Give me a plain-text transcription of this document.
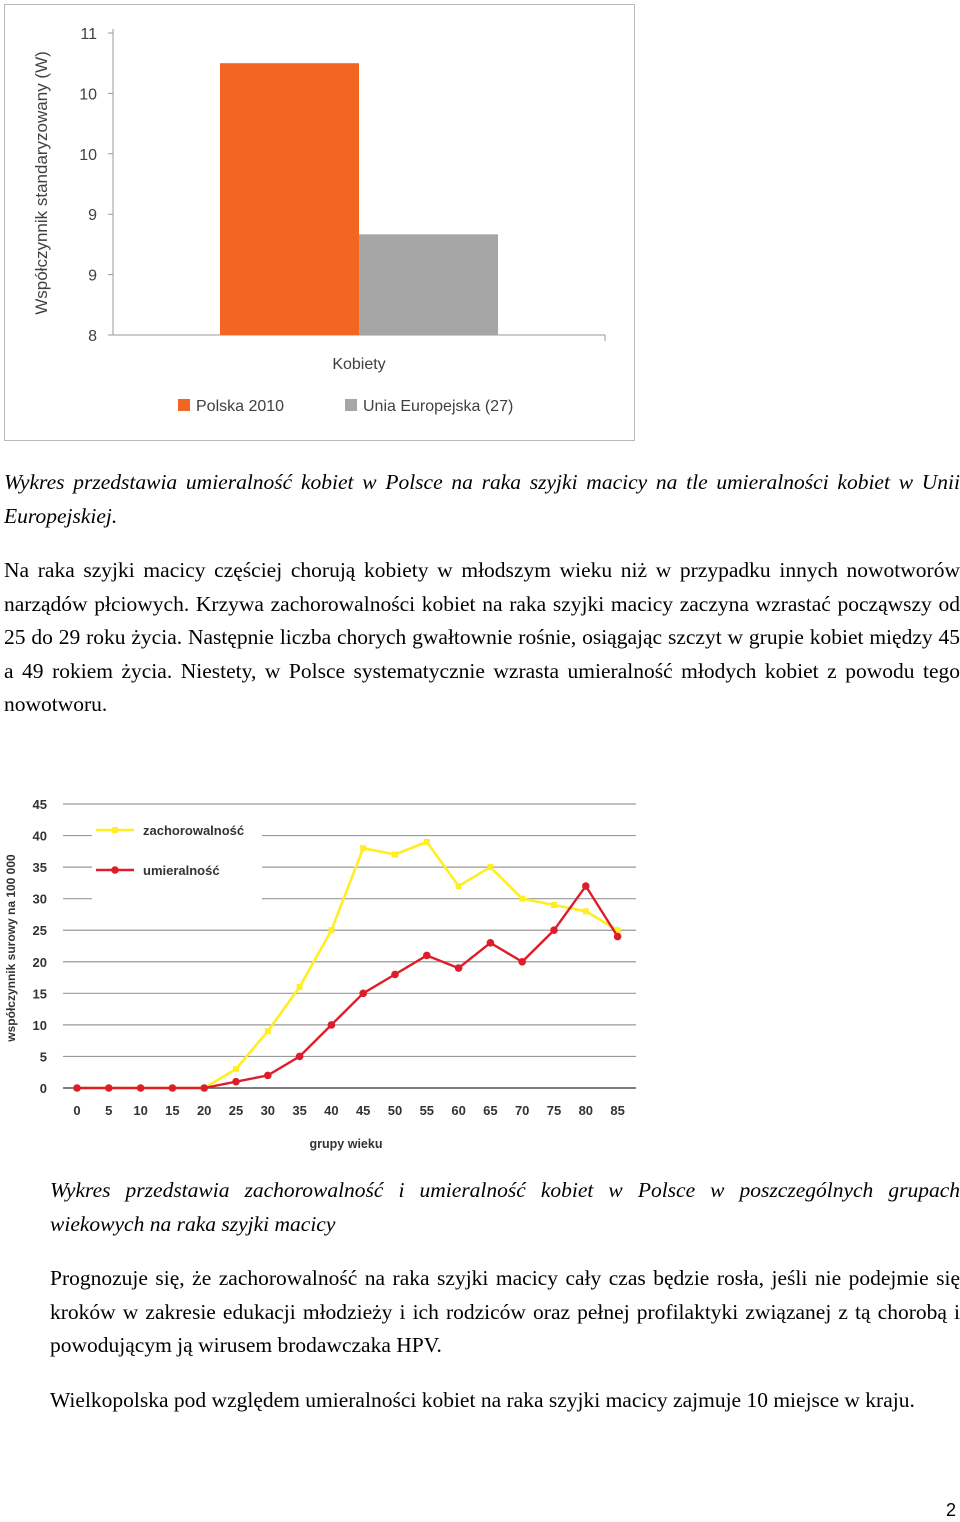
8
9
9
10
10
11
Współczynnik standaryzowany (W)
Kobiety
Polska 2010	Unia Europejska (27)

Wykres przedstawia umieralność kobiet w Polsce na raka szyjki macicy na tle umieralności kobiet w Unii Europejskiej.

Na raka szyjki macicy częściej chorują kobiety w młodszym wieku niż w przypadku innych nowotworów narządów płciowych. Krzywa zachorowalności kobiet na raka szyjki macicy zaczyna wzrastać począwszy od 25 do 29 roku życia. Następnie liczba chorych gwałtownie rośnie, osiągając szczyt w grupie kobiet między 45 a 49 rokiem życia. Niestety, w Polsce systematycznie wzrasta umieralność młodych kobiet z powodu tego nowotworu.

0
5
10
15
20
25
30
35
40
45
0 5 10 15 20 25 30 35 40 45 50 55 60 65 70 75 80 85
grupy wieku
współczynnik surowy na 100 000
zachorowalność
umieralność

Wykres przedstawia zachorowalność i umieralność kobiet w Polsce w poszczególnych grupach wiekowych na raka szyjki macicy

Prognozuje się, że zachorowalność na raka szyjki macicy cały czas będzie rosła, jeśli nie podejmie się kroków w zakresie edukacji młodzieży i ich rodziców oraz pełnej profilaktyki związanej z tą chorobą i powodującym ją wirusem brodawczaka HPV.

Wielkopolska pod względem umieralności kobiet na raka szyjki macicy zajmuje 10 miejsce w kraju.

2
